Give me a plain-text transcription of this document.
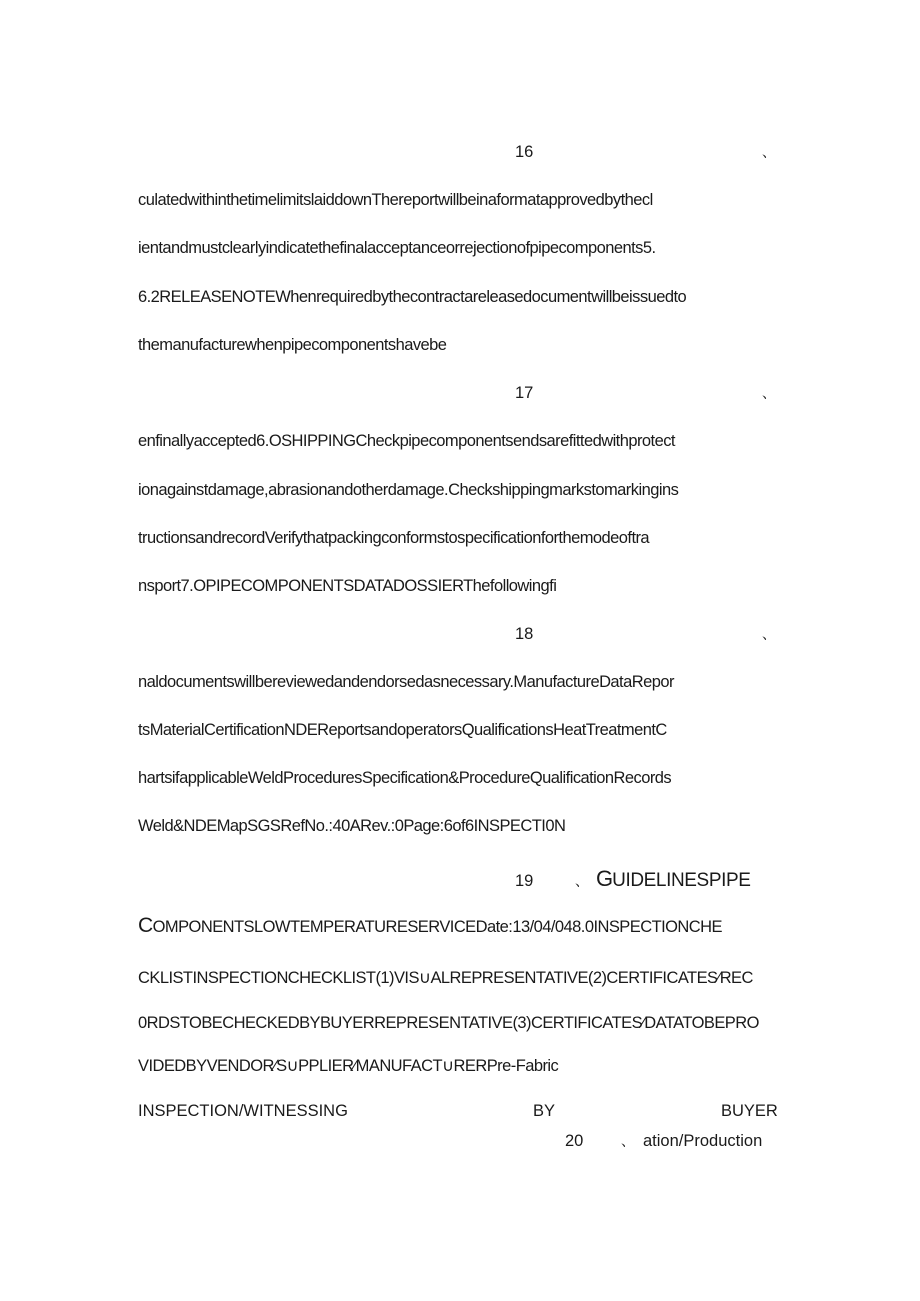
16	、
culatedwithinthetimelimitslaiddownThereportwillbeinaformatapprovedbythecl
ientandmustclearlyindicatethefinalacceptanceorrejectionofpipecomponents5.
6.2RELEASENOTEWhenrequiredbythecontractareleasedocumentwillbeissuedto
themanufacturewhenpipecomponentshavebe
17	、
enfinallyaccepted6.OSHIPPINGCheckpipecomponentsendsarefittedwithprotect
ionagainstdamage,abrasionandotherdamage.Checkshippingmarkstomarkingins
tructionsandrecordVerifythatpackingconformstospecificationforthemodeoftra
nsport7.OPIPECOMPONENTSDATADOSSIERThefollowingfi
18	、
naldocumentswillbereviewedandendorsedasnecessary.ManufactureDataRepor
tsMaterialCertificationNDEReportsandoperatorsQualificationsHeatTreatmentC
hartsifapplicableWeldProceduresSpecification&ProcedureQualificationRecords
Weld&NDEMapSGSRefNo.:40ARev.:0Page:6of6INSPECTI0N
19	、 GUIDELINESPIPE
COMPONENTSLOWTEMPERATURESERVICEDate:13/04/048.0INSPECTIONCHE
CKLISTINSPECTIONCHECKLIST(1)VIS∪ALREPRESENTATIVE(2)CERTIFICATES∕REC
0RDSTOBECHECKEDBYBUYERREPRESENTATIVE(3)CERTIFICATES∕DATATOBEPRO
VIDEDBYVENDOR∕S∪PPLIER∕MANUFACT∪RERPre-Fabric
INSPECTION/WITNESSING	BY	BUYER
20	、 ation/Production
